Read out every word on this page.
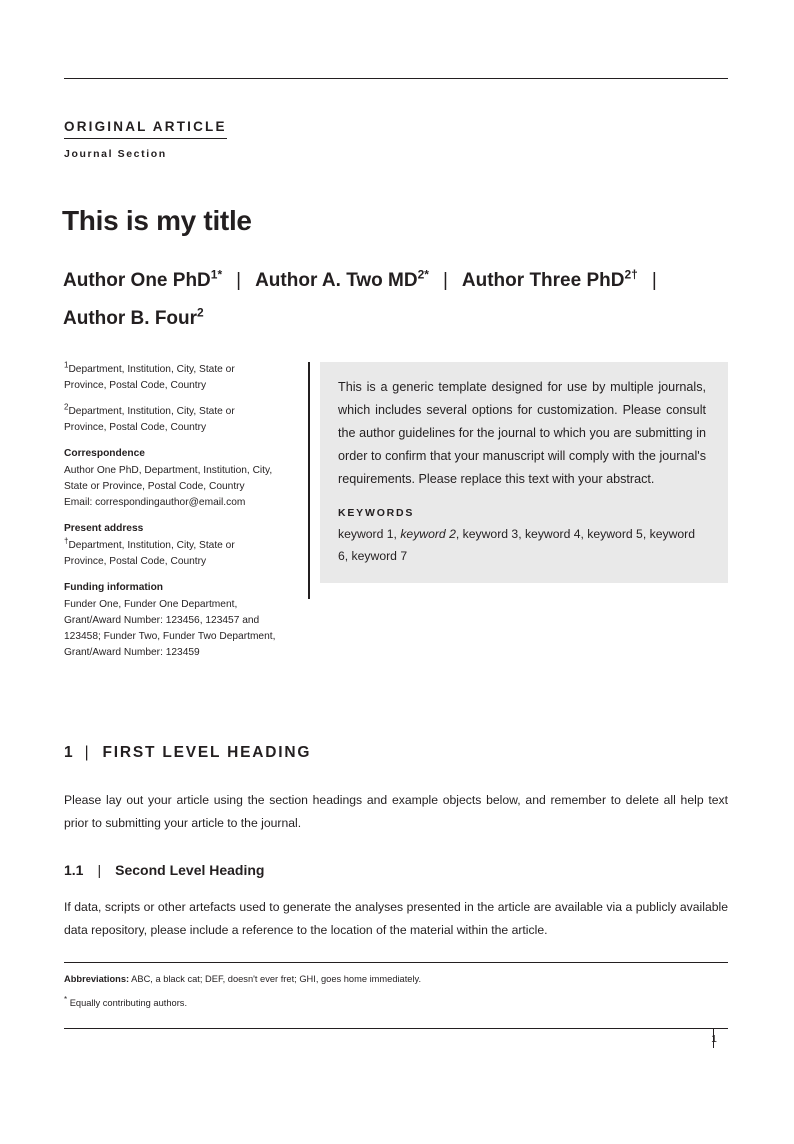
ORIGINAL ARTICLE
Journal Section
This is my title
Author One PhD$^{1*}$ | Author A. Two $MD^{2*}$ | Author Three PhD$^{2\dagger}$ |Author B. Four$^2$

$^1$Department, Institution, City, State or Province, Postal Code, Country

$^2$Department, Institution, City, State or Province, Postal Code, Country

Correspondence

Author One PhD, Department, Institution, City, State or Province, Postal Code, Country

Email: correspondingauthor@email.com

Present address

†Department, Institution, City, State or Province, Postal Code, Country

Funding information

Funder One, Funder One Department, Grant/Award Number: 123456, 123457 and 123458; Funder Two, Funder Two Department, Grant/Award Number: 123459

This is a generic template designed for use by multiple journals, which includes several options for customization. Please consult the author guidelines for the journal to which you are submitting in order to confirm that your manuscript will comply with the journal's requirements. Please replace this text with your abstract.

KEYWORDS

keyword 1, keyword 2, keyword 3, keyword 4, keyword 5, keyword 6, keyword 7

1 | FIRST LEVEL HEADING
Please lay out your article using the section headings and example objects below, and remember to delete all help text prior to submitting your article to the journal.
1.1 | Second Level Heading
If data, scripts or other artefacts used to generate the analyses presented in the article are available via a publicly available data repository, please include a reference to the location of the material within the article.
Abbreviations: ABC, a black cat; DEF, doesn't ever fret; GHI, goes home immediately.
* Equally contributing authors.
1
